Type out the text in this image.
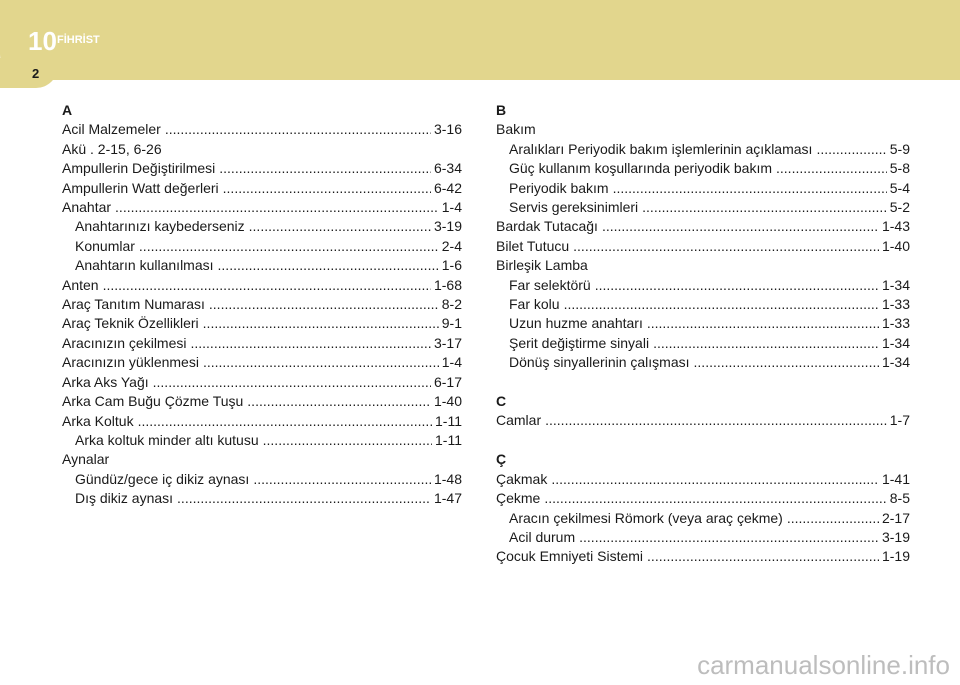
10 FİHRİST
2
A
Acil Malzemeler .....	3-16
Akü . 2-15, 6-26
Ampullerin Değiştirilmesi .....	6-34
Ampullerin Watt değerleri .....	6-42
Anahtar .....	1-4
Anahtarınızı kaybederseniz .....	3-19
Konumlar .....	2-4
Anahtarın kullanılması .....	1-6
Anten .....	1-68
Araç Tanıtım Numarası .....	8-2
Araç Teknik Özellikleri .....	9-1
Aracınızın çekilmesi .....	3-17
Aracınızın yüklenmesi .....	1-4
Arka Aks Yağı .....	6-17
Arka Cam Buğu Çözme Tuşu .....	1-40
Arka Koltuk .....	1-11
Arka koltuk minder altı kutusu .....	1-11
Aynalar
Gündüz/gece iç dikiz aynası .....	1-48
Dış dikiz aynası .....	1-47
B
Bakım
Aralıkları Periyodik bakım işlemlerinin açıklaması .....	5-9
Güç kullanım koşullarında periyodik bakım .....	5-8
Periyodik bakım .....	5-4
Servis gereksinimleri .....	5-2
Bardak Tutacağı .....	1-43
Bilet Tutucu .....	1-40
Birleşik Lamba
Far selektörü .....	1-34
Far kolu .....	1-33
Uzun huzme anahtarı .....	1-33
Şerit değiştirme sinyali .....	1-34
Dönüş sinyallerinin çalışması .....	1-34
C
Camlar .....	1-7
Ç
Çakmak .....	1-41
Çekme .....	8-5
Aracın çekilmesi Römork (veya araç çekme) .....	2-17
Acil durum .....	3-19
Çocuk Emniyeti Sistemi .....	1-19
carmanualsonline.info
